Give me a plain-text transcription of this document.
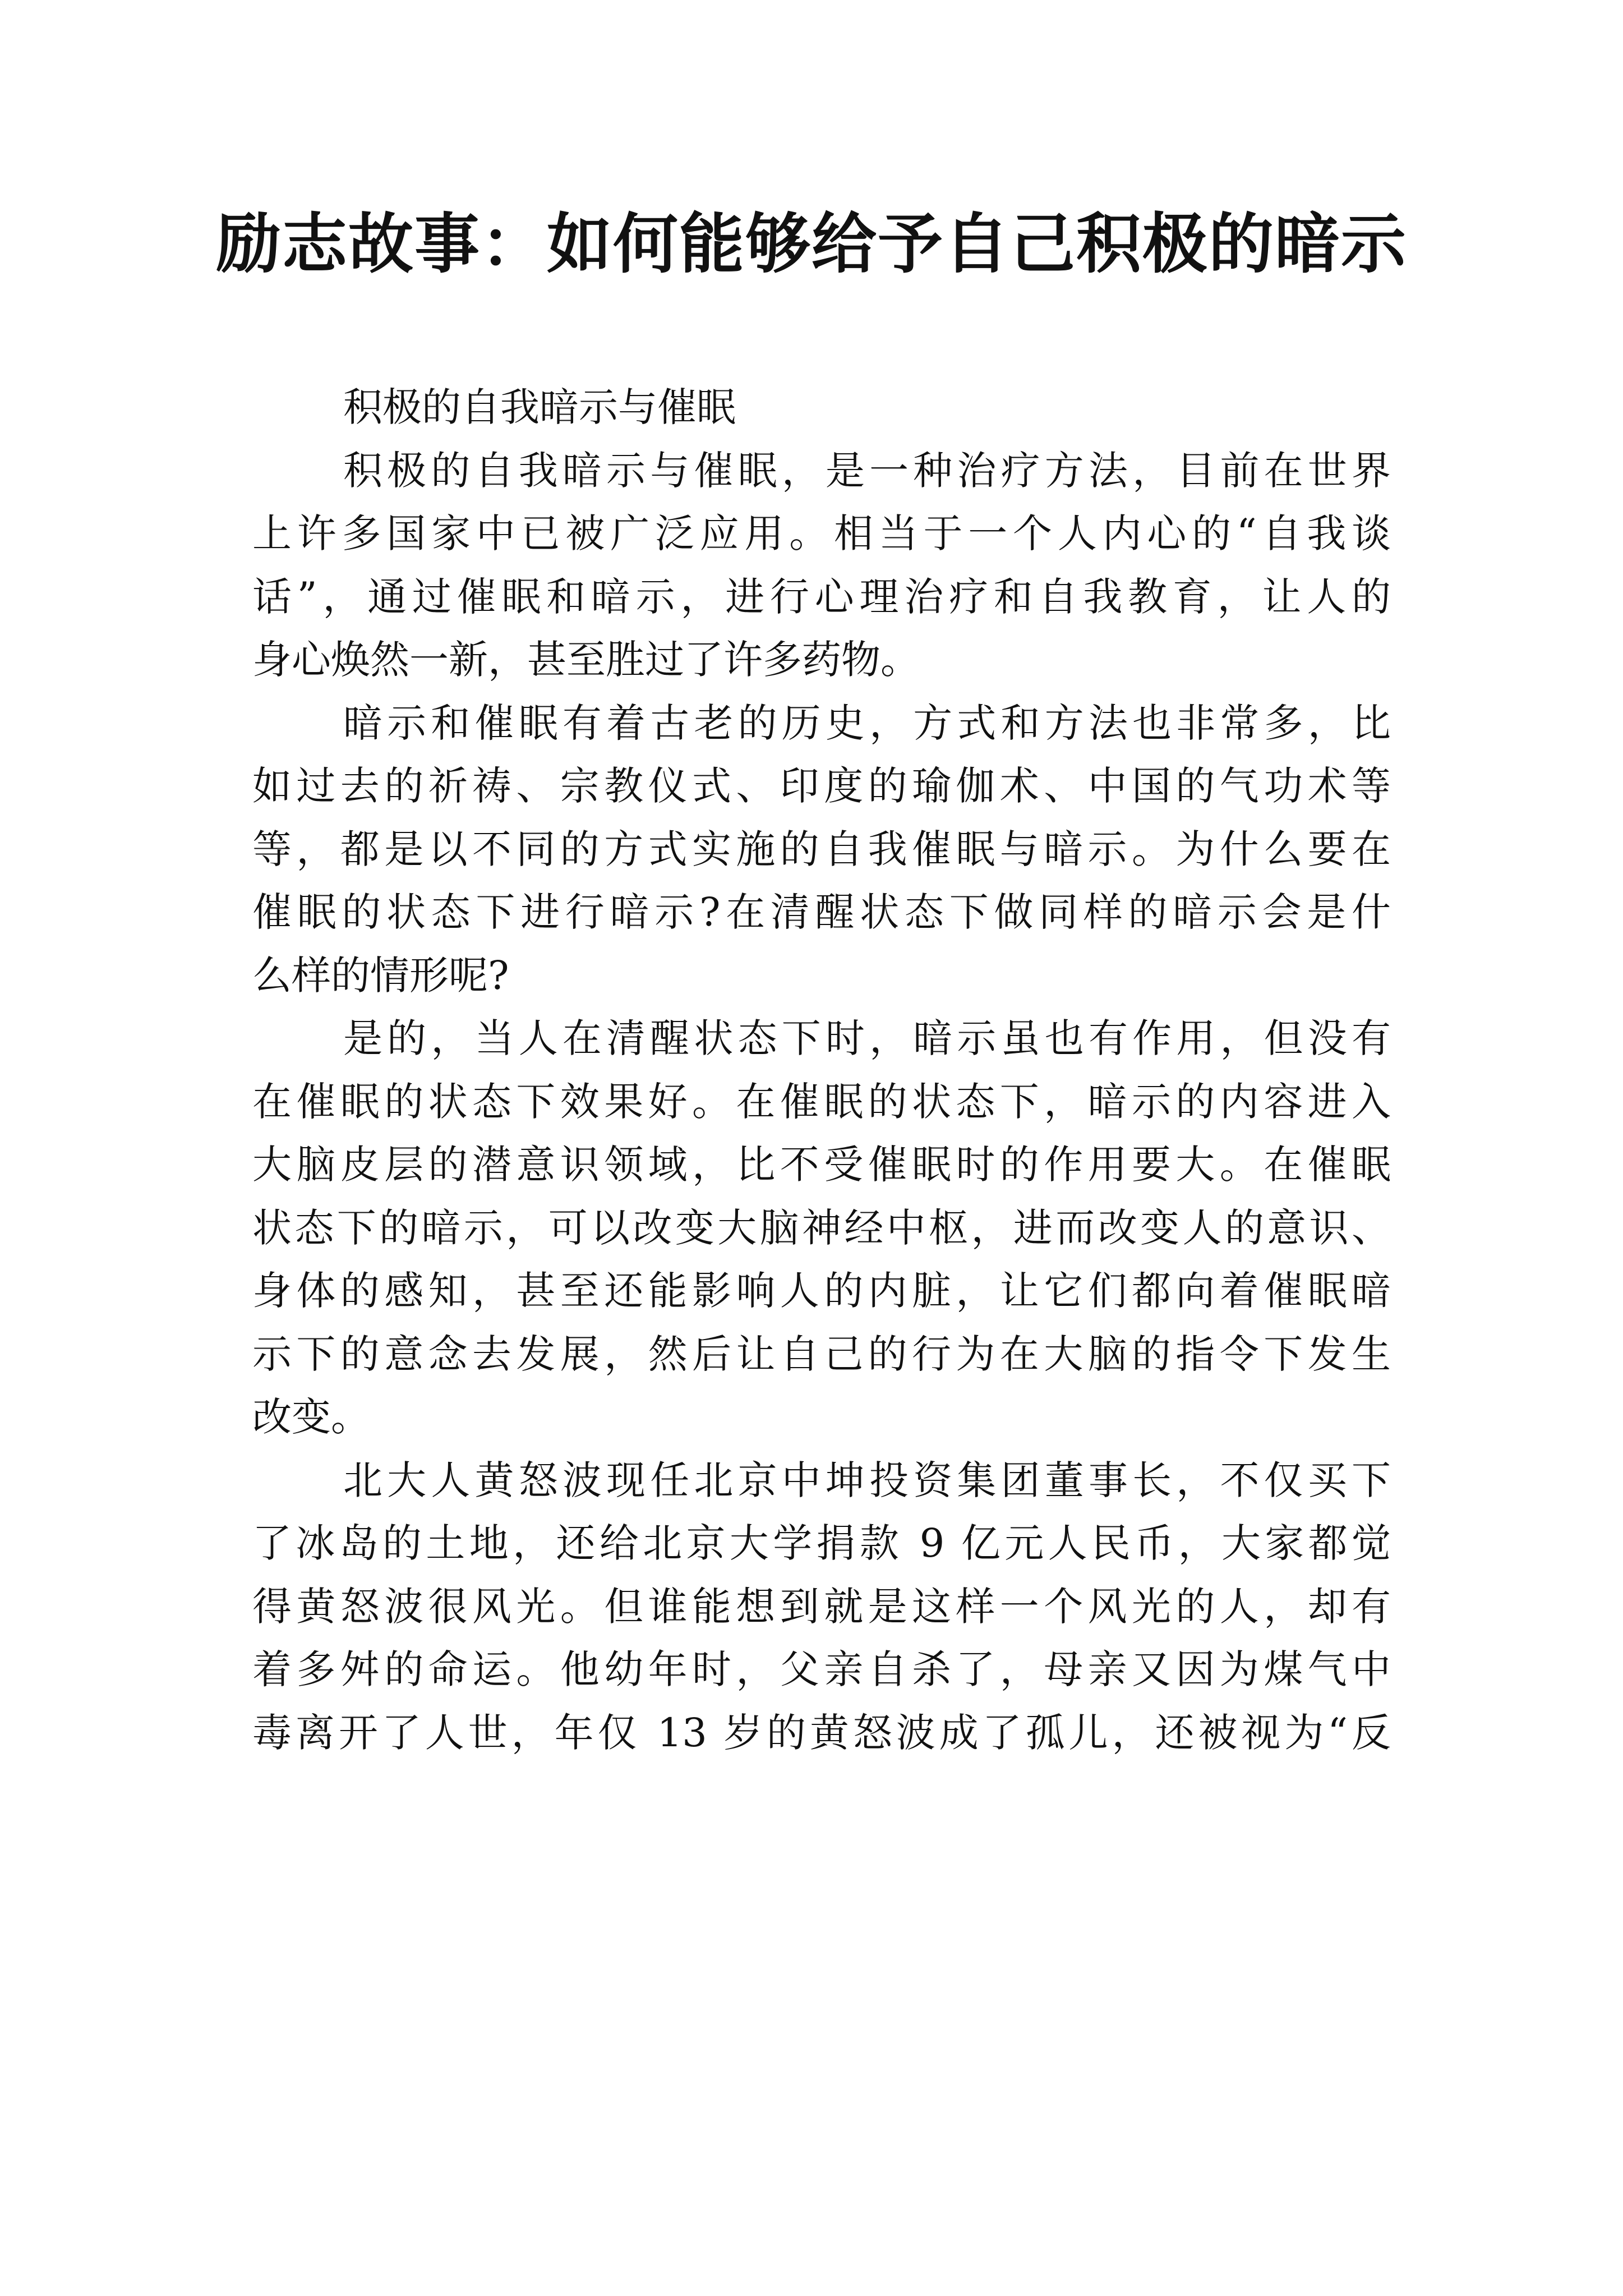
励志故事：如何能够给予自己积极的暗示
积极的自我暗示与催眠
积极的自我暗示与催眠，是一种治疗方法，目前在世界
上许多国家中已被广泛应用。相当于一个人内心的“自我谈
话”，通过催眠和暗示，进行心理治疗和自我教育，让人的
身心焕然一新，甚至胜过了许多药物。
暗示和催眠有着古老的历史，方式和方法也非常多，比
如过去的祈祷、宗教仪式、印度的瑜伽术、中国的气功术等
等，都是以不同的方式实施的自我催眠与暗示。为什么要在
催眠的状态下进行暗示?在清醒状态下做同样的暗示会是什
么样的情形呢?
是的，当人在清醒状态下时，暗示虽也有作用，但没有
在催眠的状态下效果好。在催眠的状态下，暗示的内容进入
大脑皮层的潜意识领域，比不受催眠时的作用要大。在催眠
状态下的暗示，可以改变大脑神经中枢，进而改变人的意识、
身体的感知，甚至还能影响人的内脏，让它们都向着催眠暗
示下的意念去发展，然后让自己的行为在大脑的指令下发生
改变。
北大人黄怒波现任北京中坤投资集团董事长，不仅买下
了冰岛的土地，还给北京大学捐款 9 亿元人民币，大家都觉
得黄怒波很风光。但谁能想到就是这样一个风光的人，却有
着多舛的命运。他幼年时，父亲自杀了，母亲又因为煤气中
毒离开了人世，年仅 13 岁的黄怒波成了孤儿，还被视为“反
